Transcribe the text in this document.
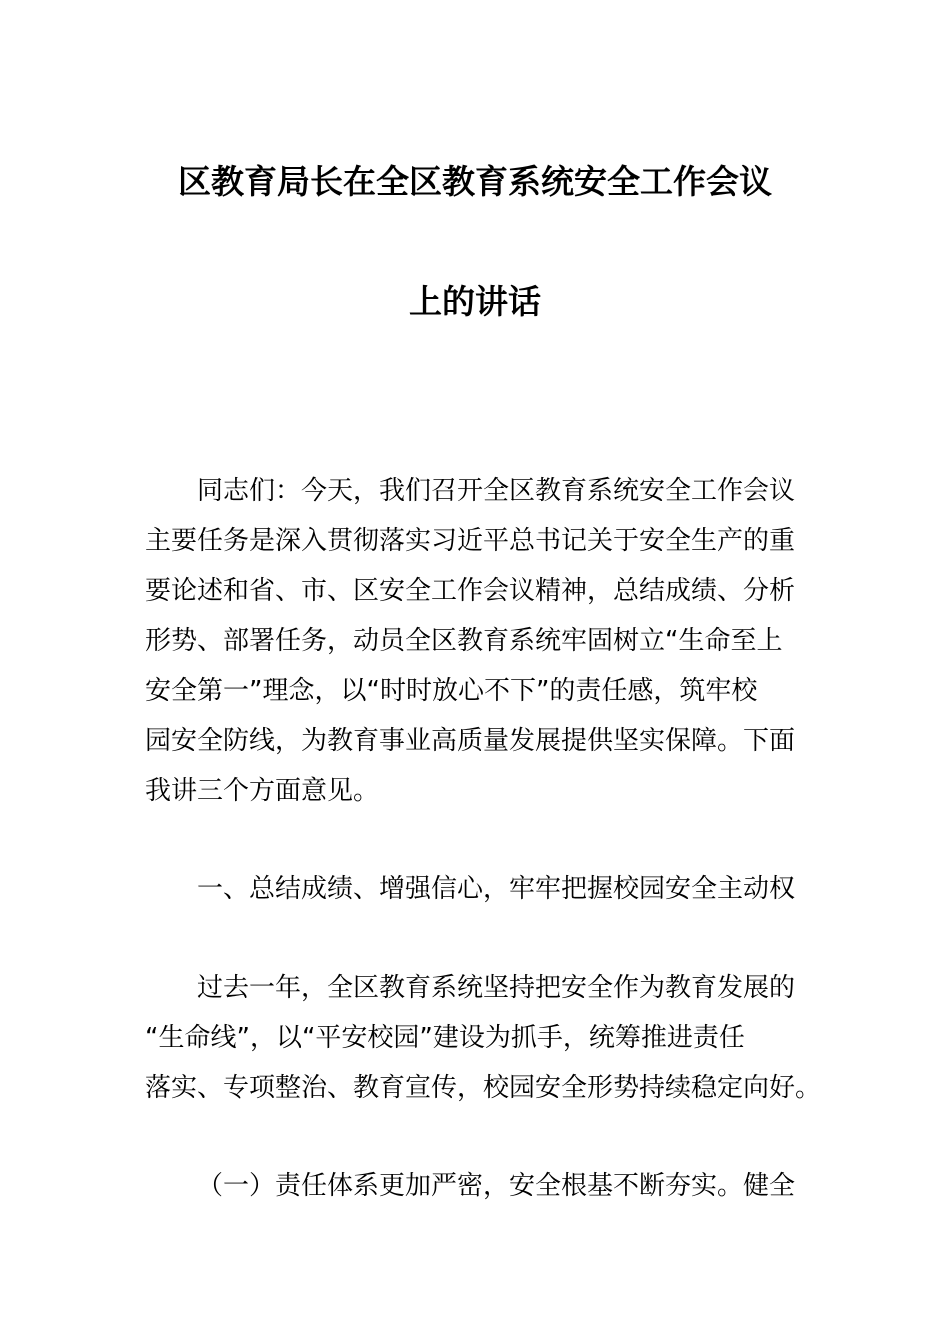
区教育局长在全区教育系统安全工作会议
上的讲话
同志们：今天，我们召开全区教育系统安全工作会议
主要任务是深入贯彻落实习近平总书记关于安全生产的重
要论述和省、市、区安全工作会议精神，总结成绩、分析
形势、部署任务，动员全区教育系统牢固树立“生命至上
安全第一”理念，以“时时放心不下”的责任感，筑牢校
园安全防线，为教育事业高质量发展提供坚实保障。下面
我讲三个方面意见。
一、总结成绩、增强信心，牢牢把握校园安全主动权
过去一年，全区教育系统坚持把安全作为教育发展的
“生命线”，以“平安校园”建设为抓手，统筹推进责任
落实、专项整治、教育宣传，校园安全形势持续稳定向好。
（一）责任体系更加严密，安全根基不断夯实。健全
